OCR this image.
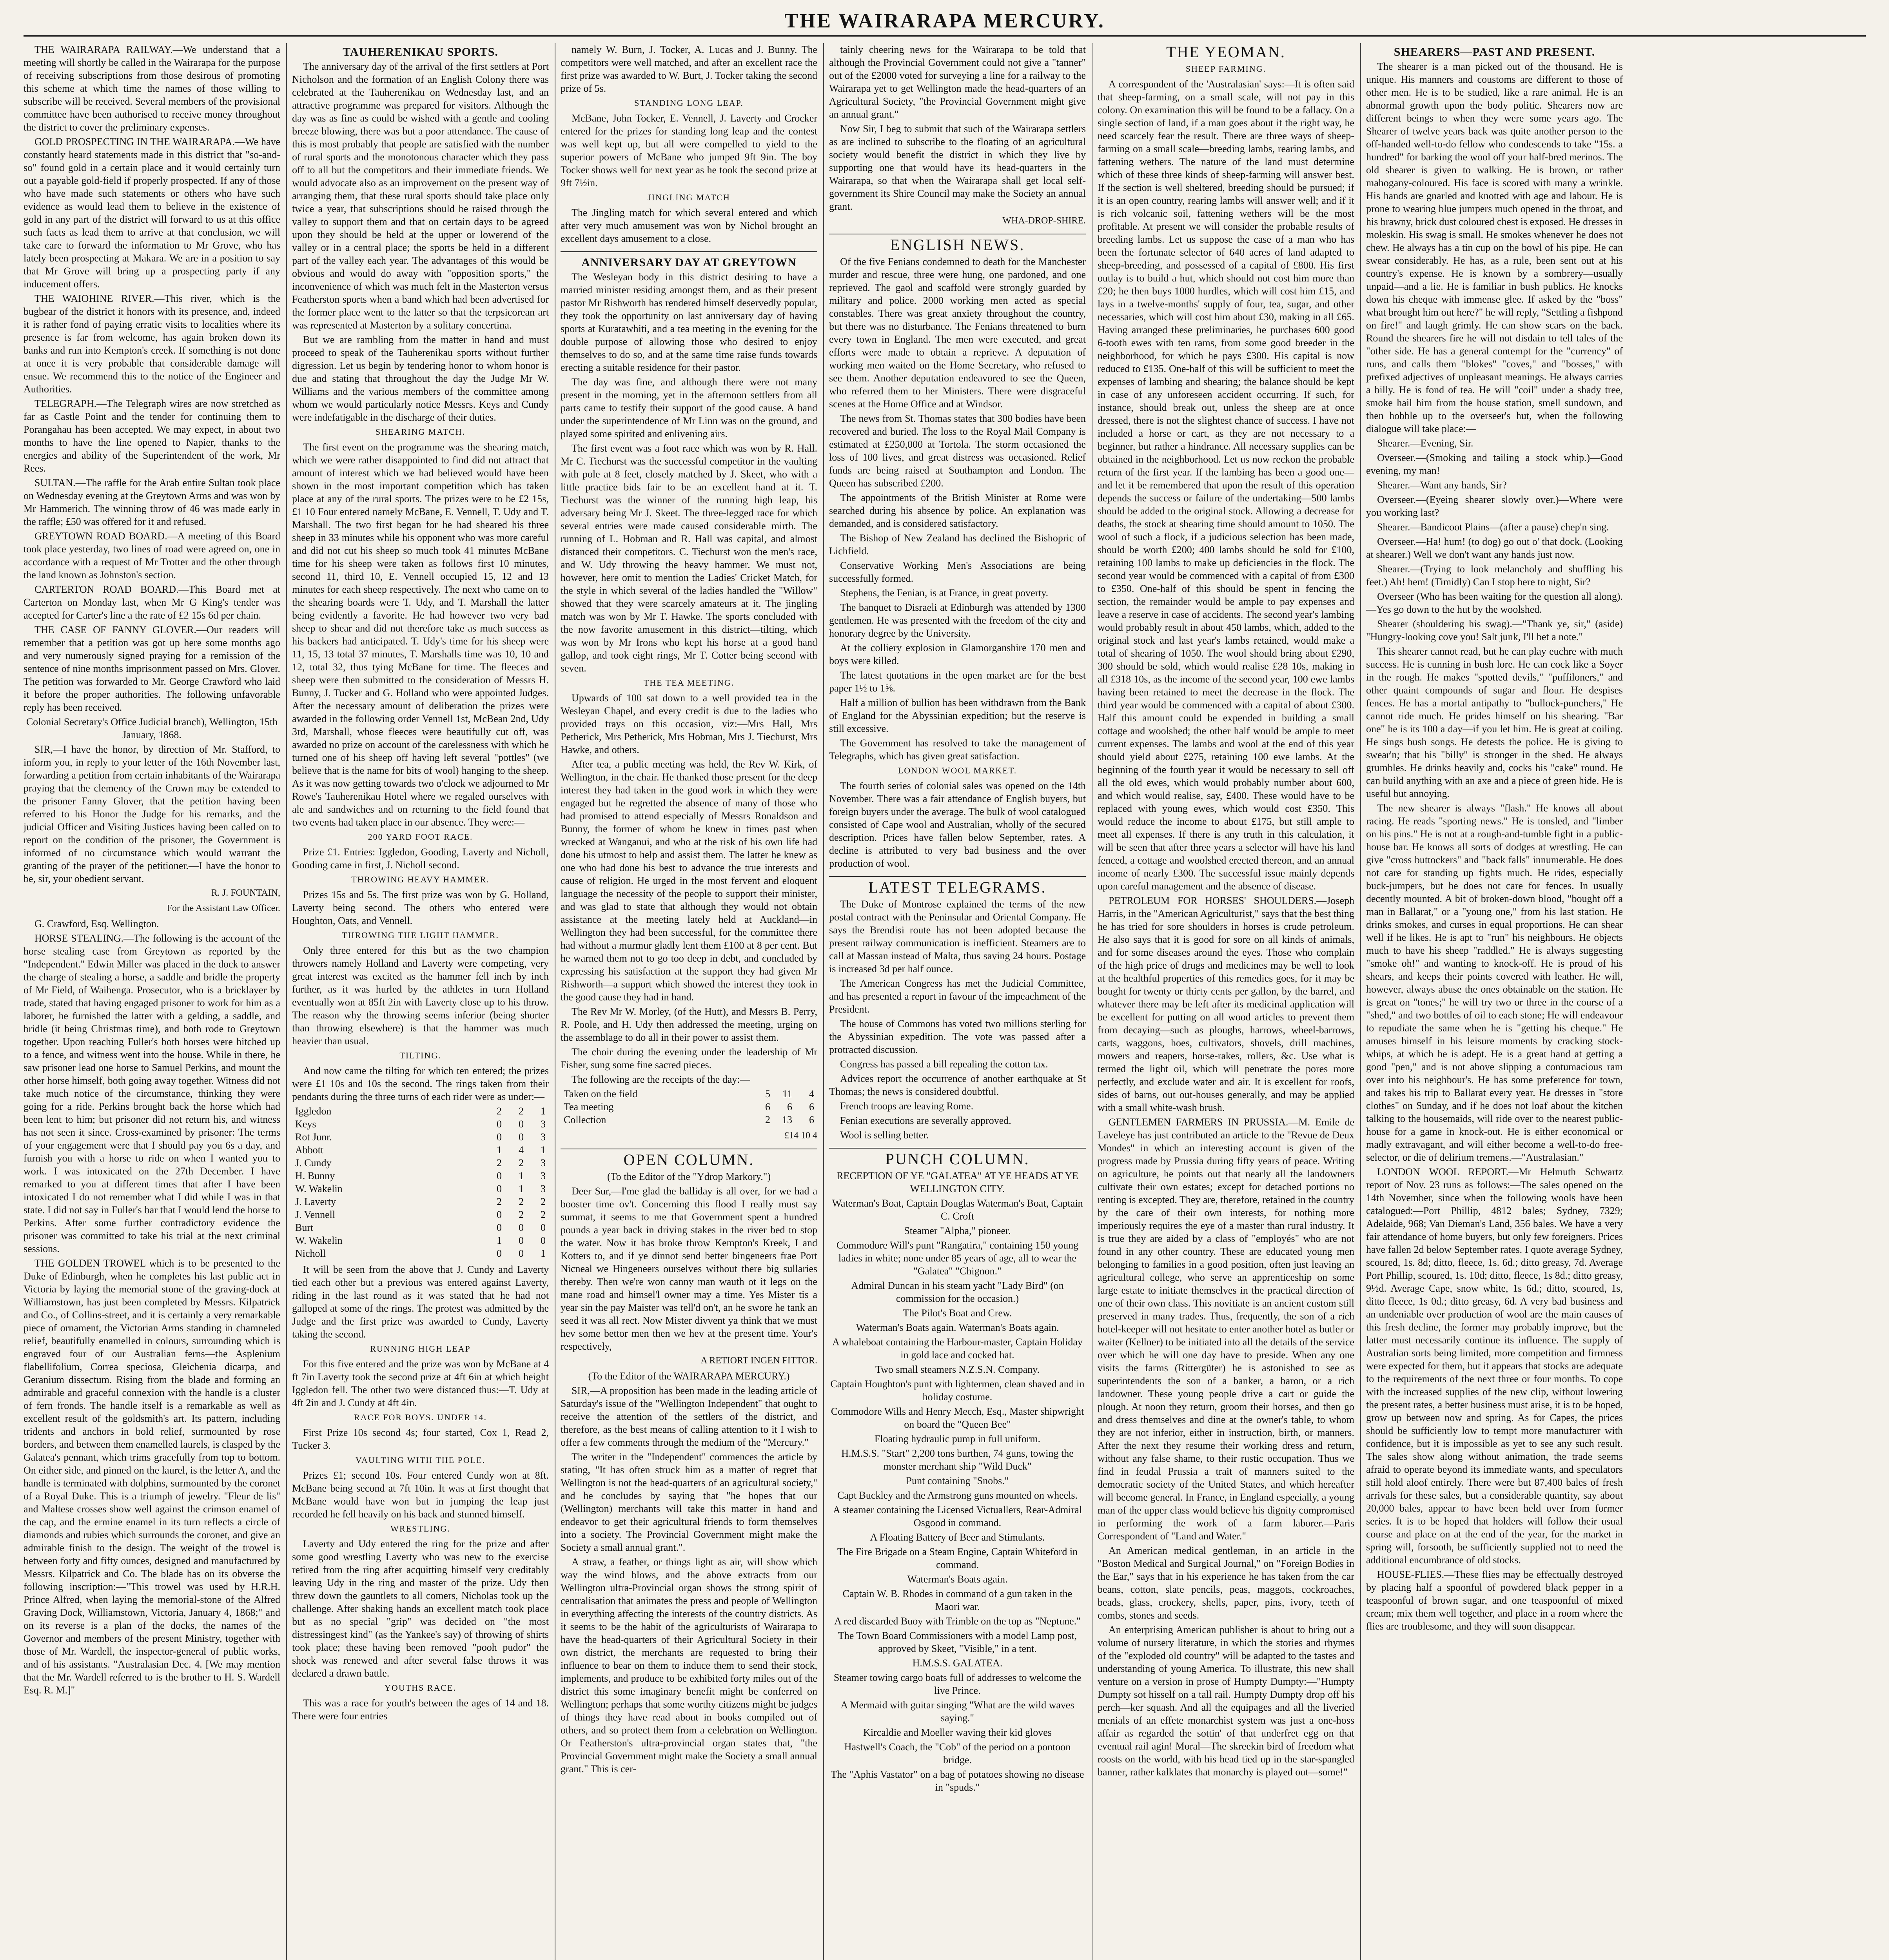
THE WAIRARAPA MERCURY.

THE WAIRARAPA RAILWAY.—We understand that a meeting will shortly be called in the Wairarapa for the purpose of receiving subscriptions from those desirous of promoting this scheme at which time the names of those willing to subscribe will be received. Several members of the provisional committee have been authorised to receive money throughout the district to cover the preliminary expenses.

GOLD PROSPECTING IN THE WAIRARAPA.—We have constantly heard statements made in this district that "so-and-so" found gold in a certain place and it would certainly turn out a payable gold-field if properly prospected. If any of those who have made such statements or others who have such evidence as would lead them to believe in the existence of gold in any part of the district will forward to us at this office such facts as lead them to arrive at that conclusion, we will take care to forward the information to Mr Grove, who has lately been prospecting at Makara. We are in a position to say that Mr Grove will bring up a prospecting party if any inducement offers.

THE WAIOHINE RIVER.—This river, which is the bugbear of the district it honors with its presence, and, indeed it is rather fond of paying erratic visits to localities where its presence is far from welcome, has again broken down its banks and run into Kempton's creek. If something is not done at once it is very probable that considerable damage will ensue. We recommend this to the notice of the Engineer and Authorities.

TELEGRAPH.—The Telegraph wires are now stretched as far as Castle Point and the tender for continuing them to Porangahau has been accepted. We may expect, in about two months to have the line opened to Napier, thanks to the energies and ability of the Superintendent of the work, Mr Rees.

SULTAN.—The raffle for the Arab entire Sultan took place on Wednesday evening at the Greytown Arms and was won by Mr Hammerich. The winning throw of 46 was made early in the raffle; £50 was offered for it and refused.

GREYTOWN ROAD BOARD.—A meeting of this Board took place yesterday, two lines of road were agreed on, one in accordance with a request of Mr Trotter and the other through the land known as Johnston's section.

CARTERTON ROAD BOARD.—This Board met at Carterton on Monday last, when Mr G King's tender was accepted for Carter's line a the rate of £2 15s 6d per chain.

THE CASE OF FANNY GLOVER.—Our readers will remember that a petition was got up here some months ago and very numerously signed praying for a remission of the sentence of nine months imprisonment passed on Mrs. Glover. The petition was forwarded to Mr. George Crawford who laid it before the proper authorities. The following unfavorable reply has been received.

Colonial Secretary's Office Judicial branch), Wellington, 15th January, 1868.

SIR,—I have the honor, by direction of Mr. Stafford, to inform you, in reply to your letter of the 16th November last, forwarding a petition from certain inhabitants of the Wairarapa praying that the clemency of the Crown may be extended to the prisoner Fanny Glover, that the petition having been referred to his Honor the Judge for his remarks, and the judicial Officer and Visiting Justices having been called on to report on the condition of the prisoner, the Government is informed of no circumstance which would warrant the granting of the prayer of the petitioner.—I have the honor to be, sir, your obedient servant.

R. J. FOUNTAIN,

For the Assistant Law Officer.

G. Crawford, Esq. Wellington.

HORSE STEALING.—The following is the account of the horse stealing case from Greytown as reported by the "Independent." Edwin Miller was placed in the dock to answer the charge of stealing a horse, a saddle and bridle the property of Mr Field, of Waihenga. Prosecutor, who is a bricklayer by trade, stated that having engaged prisoner to work for him as a laborer, he furnished the latter with a gelding, a saddle, and bridle (it being Christmas time), and both rode to Greytown together. Upon reaching Fuller's both horses were hitched up to a fence, and witness went into the house. While in there, he saw prisoner lead one horse to Samuel Perkins, and mount the other horse himself, both going away together. Witness did not take much notice of the circumstance, thinking they were going for a ride. Perkins brought back the horse which had been lent to him; but prisoner did not return his, and witness has not seen it since. Cross-examined by prisoner: The terms of your engagement were that I should pay you 6s a day, and furnish you with a horse to ride on when I wanted you to work. I was intoxicated on the 27th December. I have remarked to you at different times that after I have been intoxicated I do not remember what I did while I was in that state. I did not say in Fuller's bar that I would lend the horse to Perkins. After some further contradictory evidence the prisoner was committed to take his trial at the next criminal sessions.

THE GOLDEN TROWEL which is to be presented to the Duke of Edinburgh, when he completes his last public act in Victoria by laying the memorial stone of the graving-dock at Williamstown, has just been completed by Messrs. Kilpatrick and Co., of Collins-street, and it is certainly a very remarkable piece of ornament, the Victorian Arms standing in chamneled relief, beautifully enamelled in colours, surrounding which is engraved four of our Australian ferns—the Asplenium flabellifolium, Correa speciosa, Gleichenia dicarpa, and Geranium dissectum. Rising from the blade and forming an admirable and graceful connexion with the handle is a cluster of fern fronds. The handle itself is a remarkable as well as excellent result of the goldsmith's art. Its pattern, including tridents and anchors in bold relief, surmounted by rose borders, and between them enamelled laurels, is clasped by the Galatea's pennant, which trims gracefully from top to bottom. On either side, and pinned on the laurel, is the letter A, and the handle is terminated with dolphins, surmounted by the coronet of a Royal Duke. This is a triumph of jewelry. "Fleur de lis" and Maltese crosses show well against the crimson enamel of the cap, and the ermine enamel in its turn reflects a circle of diamonds and rubies which surrounds the coronet, and give an admirable finish to the design. The weight of the trowel is between forty and fifty ounces, designed and manufactured by Messrs. Kilpatrick and Co. The blade has on its obverse the following inscription:—"This trowel was used by H.R.H. Prince Alfred, when laying the memorial-stone of the Alfred Graving Dock, Williamstown, Victoria, January 4, 1868;" and on its reverse is a plan of the docks, the names of the Governor and members of the present Ministry, together with those of Mr. Wardell, the inspector-general of public works, and of his assistants. "Australasian Dec. 4. [We may mention that the Mr. Wardell referred to is the brother to H. S. Wardell Esq. R. M.]"

TAUHERENIKAU SPORTS.

The anniversary day of the arrival of the first settlers at Port Nicholson and the formation of an English Colony there was celebrated at the Tauherenikau on Wednesday last, and an attractive programme was prepared for visitors. Although the day was as fine as could be wished with a gentle and cooling breeze blowing, there was but a poor attendance. The cause of this is most probably that people are satisfied with the number of rural sports and the monotonous character which they pass off to all but the competitors and their immediate friends. We would advocate also as an improvement on the present way of arranging them, that these rural sports should take place only twice a year, that subscriptions should be raised through the valley to support them and that on certain days to be agreed upon they should be held at the upper or lowerend of the valley or in a central place; the sports be held in a different part of the valley each year. The advantages of this would be obvious and would do away with "opposition sports," the inconvenience of which was much felt in the Masterton versus Featherston sports when a band which had been advertised for the former place went to the latter so that the terpsicorean art was represented at Masterton by a solitary concertina.

But we are rambling from the matter in hand and must proceed to speak of the Tauherenikau sports without further digression. Let us begin by tendering honor to whom honor is due and stating that throughout the day the Judge Mr W. Williams and the various members of the committee among whom we would particularly notice Messrs. Keys and Cundy were indefatigable in the discharge of their duties.

SHEARING MATCH.

The first event on the programme was the shearing match, which we were rather disappointed to find did not attract that amount of interest which we had believed would have been shown in the most important competition which has taken place at any of the rural sports. The prizes were to be £2 15s, £1 10 Four entered namely McBane, E. Vennell, T. Udy and T. Marshall. The two first began for he had sheared his three sheep in 33 minutes while his opponent who was more careful and did not cut his sheep so much took 41 minutes McBane time for his sheep were taken as follows first 10 minutes, second 11, third 10, E. Vennell occupied 15, 12 and 13 minutes for each sheep respectively. The next who came on to the shearing boards were T. Udy, and T. Marshall the latter being evidently a favorite. He had however two very bad sheep to shear and did not therefore take as much success as his backers had anticipated. T. Udy's time for his sheep were 11, 15, 13 total 37 minutes, T. Marshalls time was 10, 10 and 12, total 32, thus tying McBane for time. The fleeces and sheep were then submitted to the consideration of Messrs H. Bunny, J. Tucker and G. Holland who were appointed Judges. After the necessary amount of deliberation the prizes were awarded in the following order Vennell 1st, McBean 2nd, Udy 3rd, Marshall, whose fleeces were beautifully cut off, was awarded no prize on account of the carelessness with which he turned one of his sheep off having left several "pottles" (we believe that is the name for bits of wool) hanging to the sheep. As it was now getting towards two o'clock we adjourned to Mr Rowe's Tauherenikau Hotel where we regaled ourselves with ale and sandwiches and on returning to the field found that two events had taken place in our absence. They were:—

200 YARD FOOT RACE.

Prize £1. Entries: Iggledon, Gooding, Laverty and Nicholl, Gooding came in first, J. Nicholl second.

THROWING HEAVY HAMMER.

Prizes 15s and 5s. The first prize was won by G. Holland, Laverty being second. The others who entered were Houghton, Oats, and Vennell.

THROWING THE LIGHT HAMMER.

Only three entered for this but as the two champion throwers namely Holland and Laverty were competing, very great interest was excited as the hammer fell inch by inch further, as it was hurled by the athletes in turn Holland eventually won at 85ft 2in with Laverty close up to his throw. The reason why the throwing seems inferior (being shorter than throwing elsewhere) is that the hammer was much heavier than usual.

TILTING.

And now came the tilting for which ten entered; the prizes were £1 10s and 10s the second. The rings taken from their pendants during the three turns of each rider were as under:—

Iggledon	2	2	1
Keys	0	0	3
Rot Junr.	0	0	3
Abbott	1	4	1
J. Cundy	2	2	3
H. Bunny	0	1	3
W. Wakelin	0	1	3
J. Laverty	2	2	2
J. Vennell	0	2	2
Burt	0	0	0
W. Wakelin	1	0	0
Nicholl	0	0	1

It will be seen from the above that J. Cundy and Laverty tied each other but a previous was entered against Laverty, riding in the last round as it was stated that he had not galloped at some of the rings. The protest was admitted by the Judge and the first prize was awarded to Cundy, Laverty taking the second.

RUNNING HIGH LEAP

For this five entered and the prize was won by McBane at 4 ft 7in Laverty took the second prize at 4ft 6in at which height Iggledon fell. The other two were distanced thus:—T. Udy at 4ft 2in and J. Cundy at 4ft 4in.

RACE FOR BOYS. UNDER 14.

First Prize 10s second 4s; four started, Cox 1, Read 2, Tucker 3.

VAULTING WITH THE POLE.

Prizes £1; second 10s. Four entered Cundy won at 8ft. McBane being second at 7ft 10in. It was at first thought that McBane would have won but in jumping the leap just recorded he fell heavily on his back and stunned himself.

WRESTLING.

Laverty and Udy entered the ring for the prize and after some good wrestling Laverty who was new to the exercise retired from the ring after acquitting himself very creditably leaving Udy in the ring and master of the prize. Udy then threw down the gauntlets to all comers, Nicholas took up the challenge. After shaking hands an excellent match took place but as no special "grip" was decided on "the most distressingest kind" (as the Yankee's say) of throwing of shirts took place; these having been removed "pooh pudor" the shock was renewed and after several false throws it was declared a drawn battle.

YOUTHS RACE.

This was a race for youth's between the ages of 14 and 18. There were four entries

namely W. Burn, J. Tocker, A. Lucas and J. Bunny. The competitors were well matched, and after an excellent race the first prize was awarded to W. Burt, J. Tocker taking the second prize of 5s.

STANDING LONG LEAP.

McBane, John Tocker, E. Vennell, J. Laverty and Crocker entered for the prizes for standing long leap and the contest was well kept up, but all were compelled to yield to the superior powers of McBane who jumped 9ft 9in. The boy Tocker shows well for next year as he took the second prize at 9ft 7½in.

JINGLING MATCH

The Jingling match for which several entered and which after very much amusement was won by Nichol brought an excellent days amusement to a close.

ANNIVERSARY DAY AT GREYTOWN

The Wesleyan body in this district desiring to have a married minister residing amongst them, and as their present pastor Mr Rishworth has rendered himself deservedly popular, they took the opportunity on last anniversary day of having sports at Kuratawhiti, and a tea meeting in the evening for the double purpose of allowing those who desired to enjoy themselves to do so, and at the same time raise funds towards erecting a suitable residence for their pastor.

The day was fine, and although there were not many present in the morning, yet in the afternoon settlers from all parts came to testify their support of the good cause. A band under the superintendence of Mr Linn was on the ground, and played some spirited and enlivening airs.

The first event was a foot race which was won by R. Hall. Mr C. Tiechurst was the successful competitor in the vaulting with pole at 8 feet, closely matched by J. Skeet, who with a little practice bids fair to be an excellent hand at it. T. Tiechurst was the winner of the running high leap, his adversary being Mr J. Skeet. The three-legged race for which several entries were made caused considerable mirth. The running of L. Hobman and R. Hall was capital, and almost distanced their competitors. C. Tiechurst won the men's race, and W. Udy throwing the heavy hammer. We must not, however, here omit to mention the Ladies' Cricket Match, for the style in which several of the ladies handled the "Willow" showed that they were scarcely amateurs at it. The jingling match was won by Mr T. Hawke. The sports concluded with the now favorite amusement in this district—tilting, which was won by Mr Irons who kept his horse at a good hand gallop, and took eight rings, Mr T. Cotter being second with seven.

THE TEA MEETING.

Upwards of 100 sat down to a well provided tea in the Wesleyan Chapel, and every credit is due to the ladies who provided trays on this occasion, viz:—Mrs Hall, Mrs Petherick, Mrs Petherick, Mrs Hobman, Mrs J. Tiechurst, Mrs Hawke, and others.

After tea, a public meeting was held, the Rev W. Kirk, of Wellington, in the chair. He thanked those present for the deep interest they had taken in the good work in which they were engaged but he regretted the absence of many of those who had promised to attend especially of Messrs Ronaldson and Bunny, the former of whom he knew in times past when wrecked at Wanganui, and who at the risk of his own life had done his utmost to help and assist them. The latter he knew as one who had done his best to advance the true interests and cause of religion. He urged in the most fervent and eloquent language the necessity of the people to support their minister, and was glad to state that although they would not obtain assistance at the meeting lately held at Auckland—in Wellington they had been successful, for the committee there had without a murmur gladly lent them £100 at 8 per cent. But he warned them not to go too deep in debt, and concluded by expressing his satisfaction at the support they had given Mr Rishworth—a support which showed the interest they took in the good cause they had in hand.

The Rev Mr W. Morley, (of the Hutt), and Messrs B. Perry, R. Poole, and H. Udy then addressed the meeting, urging on the assemblage to do all in their power to assist them.

The choir during the evening under the leadership of Mr Fisher, sung some fine sacred pieces.

The following are the receipts of the day:—

Taken on the field	5	11	4
Tea meeting	6	6	6
Collection	2	13	6

£14 10 4

OPEN COLUMN.

(To the Editor of the "Ydrop Markory.")

Deer Sur,—I'me glad the balliday is all over, for we had a booster time ov't. Concerning this flood I really must say summat, it seems to me that Government spent a hundred pounds a year back in driving stakes in the river bed to stop the water. Now it has broke throw Kempton's Kreek, I and Kotters to, and if ye dinnot send better bingeneers frae Port Nicneal we Hingeneers ourselves without there big sullaries thereby. Then we're won canny man wauth ot it legs on the mane road and himsel'l owner may a time. Yes Mister tis a year sin the pay Maister was tell'd on't, an he swore he tank an seed it was all rect. Now Mister divvent ya think that we must hev some bettor men then we hev at the present time. Your's respectively,

A RETIORT INGEN FITTOR.

(To the Editor of the WAIRARAPA MERCURY.)

SIR,—A proposition has been made in the leading article of Saturday's issue of the "Wellington Independent" that ought to receive the attention of the settlers of the district, and therefore, as the best means of calling attention to it I wish to offer a few comments through the medium of the "Mercury."

The writer in the "Independent" commences the article by stating, "It has often struck him as a matter of regret that Wellington is not the head-quarters of an agricultural society," and he concludes by saying that "he hopes that our (Wellington) merchants will take this matter in hand and endeavor to get their agricultural friends to form themselves into a society. The Provincial Government might make the Society a small annual grant.".

A straw, a feather, or things light as air, will show which way the wind blows, and the above extracts from our Wellington ultra-Provincial organ shows the strong spirit of centralisation that animates the press and people of Wellington in everything affecting the interests of the country districts. As it seems to be the habit of the agriculturists of Wairarapa to have the head-quarters of their Agricultural Society in their own district, the merchants are requested to bring their influence to bear on them to induce them to send their stock, implements, and produce to be exhibited forty miles out of the district this some imaginary benefit might be conferred on Wellington; perhaps that some worthy citizens might be judges of things they have read about in books compiled out of others, and so protect them from a celebration on Wellington. Or Featherston's ultra-provincial organ states that, "the Provincial Government might make the Society a small annual grant." This is cer-

tainly cheering news for the Wairarapa to be told that although the Provincial Government could not give a "tanner" out of the £2000 voted for surveying a line for a railway to the Wairarapa yet to get Wellington made the head-quarters of an Agricultural Society, "the Provincial Government might give an annual grant."

Now Sir, I beg to submit that such of the Wairarapa settlers as are inclined to subscribe to the floating of an agricultural society would benefit the district in which they live by supporting one that would have its head-quarters in the Wairarapa, so that when the Wairarapa shall get local self-government its Shire Council may make the Society an annual grant.

WHA-DROP-SHIRE.

ENGLISH NEWS.

Of the five Fenians condemned to death for the Manchester murder and rescue, three were hung, one pardoned, and one reprieved. The gaol and scaffold were strongly guarded by military and police. 2000 working men acted as special constables. There was great anxiety throughout the country, but there was no disturbance. The Fenians threatened to burn every town in England. The men were executed, and great efforts were made to obtain a reprieve. A deputation of working men waited on the Home Secretary, who refused to see them. Another deputation endeavored to see the Queen, who referred them to her Ministers. There were disgraceful scenes at the Home Office and at Windsor.

The news from St. Thomas states that 300 bodies have been recovered and buried. The loss to the Royal Mail Company is estimated at £250,000 at Tortola. The storm occasioned the loss of 100 lives, and great distress was occasioned. Relief funds are being raised at Southampton and London. The Queen has subscribed £200.

The appointments of the British Minister at Rome were searched during his absence by police. An explanation was demanded, and is considered satisfactory.

The Bishop of New Zealand has declined the Bishopric of Lichfield.

Conservative Working Men's Associations are being successfully formed.

Stephens, the Fenian, is at France, in great poverty.

The banquet to Disraeli at Edinburgh was attended by 1300 gentlemen. He was presented with the freedom of the city and honorary degree by the University.

At the colliery explosion in Glamorganshire 170 men and boys were killed.

The latest quotations in the open market are for the best paper 1½ to 1⅝.

Half a million of bullion has been withdrawn from the Bank of England for the Abyssinian expedition; but the reserve is still excessive.

The Government has resolved to take the management of Telegraphs, which has given great satisfaction.

LONDON WOOL MARKET.

The fourth series of colonial sales was opened on the 14th November. There was a fair attendance of English buyers, but foreign buyers under the average. The bulk of wool catalogued consisted of Cape wool and Australian, wholly of the secured description. Prices have fallen below September, rates. A decline is attributed to very bad business and the over production of wool.

LATEST TELEGRAMS.

The Duke of Montrose explained the terms of the new postal contract with the Peninsular and Oriental Company. He says the Brendisi route has not been adopted because the present railway communication is inefficient. Steamers are to call at Massan instead of Malta, thus saving 24 hours. Postage is increased 3d per half ounce.

The American Congress has met the Judicial Committee, and has presented a report in favour of the impeachment of the President.

The house of Commons has voted two millions sterling for the Abyssinian expedition. The vote was passed after a protracted discussion.

Congress has passed a bill repealing the cotton tax.

Advices report the occurrence of another earthquake at St Thomas; the news is considered doubtful.

French troops are leaving Rome.

Fenian executions are severally approved.

Wool is selling better.

PUNCH COLUMN.

RECEPTION OF YE "GALATEA" AT YE HEADS AT YE WELLINGTON CITY.

Waterman's Boat, Captain Douglas Waterman's Boat, Captain C. Croft

Steamer "Alpha," pioneer.

Commodore Will's punt "Rangatira," containing 150 young ladies in white; none under 85 years of age, all to wear the "Galatea" "Chignon."

Admiral Duncan in his steam yacht "Lady Bird" (on commission for the occasion.)

The Pilot's Boat and Crew.

Waterman's Boats again. Waterman's Boats again.

A whaleboat containing the Harbour-master, Captain Holiday in gold lace and cocked hat.

Two small steamers N.Z.S.N. Company.

Captain Houghton's punt with lightermen, clean shaved and in holiday costume.

Commodore Wills and Henry Mecch, Esq., Master shipwright on board the "Queen Bee"

Floating hydraulic pump in full uniform.

H.M.S.S. "Start" 2,200 tons burthen, 74 guns, towing the monster merchant ship "Wild Duck"

Punt containing "Snobs."

Capt Buckley and the Armstrong guns mounted on wheels.

A steamer containing the Licensed Victuallers, Rear-Admiral Osgood in command.

A Floating Battery of Beer and Stimulants.

The Fire Brigade on a Steam Engine, Captain Whiteford in command.

Waterman's Boats again.

Captain W. B. Rhodes in command of a gun taken in the Maori war.

A red discarded Buoy with Trimble on the top as "Neptune."

The Town Board Commissioners with a model Lamp post, approved by Skeet, "Visible," in a tent.

H.M.S.S. GALATEA.

Steamer towing cargo boats full of addresses to welcome the live Prince.

A Mermaid with guitar singing "What are the wild waves saying."

Kircaldie and Moeller waving their kid gloves

Hastwell's Coach, the "Cob" of the period on a pontoon bridge.

The "Aphis Vastator" on a bag of potatoes showing no disease in "spuds."

THE YEOMAN.
SHEEP FARMING.

A correspondent of the 'Australasian' says:—It is often said that sheep-farming, on a small scale, will not pay in this colony. On examination this will be found to be a fallacy. On a single section of land, if a man goes about it the right way, he need scarcely fear the result. There are three ways of sheep-farming on a small scale—breeding lambs, rearing lambs, and fattening wethers. The nature of the land must determine which of these three kinds of sheep-farming will answer best. If the section is well sheltered, breeding should be pursued; if it is an open country, rearing lambs will answer well; and if it is rich volcanic soil, fattening wethers will be the most profitable. At present we will consider the probable results of breeding lambs. Let us suppose the case of a man who has been the fortunate selector of 640 acres of land adapted to sheep-breeding, and possessed of a capital of £800. His first outlay is to build a hut, which should not cost him more than £20; he then buys 1000 hurdles, which will cost him £15, and lays in a twelve-months' supply of four, tea, sugar, and other necessaries, which will cost him about £30, making in all £65. Having arranged these preliminaries, he purchases 600 good 6-tooth ewes with ten rams, from some good breeder in the neighborhood, for which he pays £300. His capital is now reduced to £135. One-half of this will be sufficient to meet the expenses of lambing and shearing; the balance should be kept in case of any unforeseen accident occurring. If such, for instance, should break out, unless the sheep are at once dressed, there is not the slightest chance of success. I have not included a horse or cart, as they are not necessary to a beginner, but rather a hindrance. All necessary supplies can be obtained in the neighborhood. Let us now reckon the probable return of the first year. If the lambing has been a good one—and let it be remembered that upon the result of this operation depends the success or failure of the undertaking—500 lambs should be added to the original stock. Allowing a decrease for deaths, the stock at shearing time should amount to 1050. The wool of such a flock, if a judicious selection has been made, should be worth £200; 400 lambs should be sold for £100, retaining 100 lambs to make up deficiencies in the flock. The second year would be commenced with a capital of from £300 to £350. One-half of this should be spent in fencing the section, the remainder would be ample to pay expenses and leave a reserve in case of accidents. The second year's lambing would probably result in about 450 lambs, which, added to the original stock and last year's lambs retained, would make a total of shearing of 1050. The wool should bring about £290, 300 should be sold, which would realise £28 10s, making in all £318 10s, as the income of the second year, 100 ewe lambs having been retained to meet the decrease in the flock. The third year would be commenced with a capital of about £300. Half this amount could be expended in building a small cottage and woolshed; the other half would be ample to meet current expenses. The lambs and wool at the end of this year should yield about £275, retaining 100 ewe lambs. At the beginning of the fourth year it would be necessary to sell off all the old ewes, which would probably number about 600, and which would realise, say, £400. These would have to be replaced with young ewes, which would cost £350. This would reduce the income to about £175, but still ample to meet all expenses. If there is any truth in this calculation, it will be seen that after three years a selector will have his land fenced, a cottage and woolshed erected thereon, and an annual income of nearly £300. The successful issue mainly depends upon careful management and the absence of disease.

PETROLEUM FOR HORSES' SHOULDERS.—Joseph Harris, in the "American Agriculturist," says that the best thing he has tried for sore shoulders in horses is crude petroleum. He also says that it is good for sore on all kinds of animals, and for some diseases around the eyes. Those who complain of the high price of drugs and medicines may be well to look at the healthful properties of this remedies goes, for it may be bought for twenty or thirty cents per gallon, by the barrel, and whatever there may be left after its medicinal application will be excellent for putting on all wood articles to prevent them from decaying—such as ploughs, harrows, wheel-barrows, carts, waggons, hoes, cultivators, shovels, drill machines, mowers and reapers, horse-rakes, rollers, &c. Use what is termed the light oil, which will penetrate the pores more perfectly, and exclude water and air. It is excellent for roofs, sides of barns, out out-houses generally, and may be applied with a small white-wash brush.

GENTLEMEN FARMERS IN PRUSSIA.—M. Emile de Laveleye has just contributed an article to the "Revue de Deux Mondes" in which an interesting account is given of the progress made by Prussia during fifty years of peace. Writing on agriculture, he points out that nearly all the landowners cultivate their own estates; except for detached portions no renting is excepted. They are, therefore, retained in the country by the care of their own interests, for nothing more imperiously requires the eye of a master than rural industry. It is true they are aided by a class of "employés" who are not found in any other country. These are educated young men belonging to families in a good position, often just leaving an agricultural college, who serve an apprenticeship on some large estate to initiate themselves in the practical direction of one of their own class. This novitiate is an ancient custom still preserved in many trades. Thus, frequently, the son of a rich hotel-keeper will not hesitate to enter another hotel as butler or waiter (Kellner) to be initiated into all the details of the service over which he will one day have to preside. When any one visits the farms (Rittergüter) he is astonished to see as superintendents the son of a banker, a baron, or a rich landowner. These young people drive a cart or guide the plough. At noon they return, groom their horses, and then go and dress themselves and dine at the owner's table, to whom they are not inferior, either in instruction, birth, or manners. After the next they resume their working dress and return, without any false shame, to their rustic occupation. Thus we find in feudal Prussia a trait of manners suited to the democratic society of the United States, and which hereafter will become general. In France, in England especially, a young man of the upper class would believe his dignity compromised in performing the work of a farm laborer.—Paris Correspondent of "Land and Water."

An American medical gentleman, in an article in the "Boston Medical and Surgical Journal," on "Foreign Bodies in the Ear," says that in his experience he has taken from the car beans, cotton, slate pencils, peas, maggots, cockroaches, beads, glass, crockery, shells, paper, pins, ivory, teeth of combs, stones and seeds.

An enterprising American publisher is about to bring out a volume of nursery literature, in which the stories and rhymes of the "exploded old country" will be adapted to the tastes and understanding of young America. To illustrate, this new shall venture on a version in prose of Humpty Dumpty:—"Humpty Dumpty sot hisself on a tall rail. Humpty Dumpty drop off his perch—ker squash. And all the equipages and all the liveried menials of an effete monarchist system was just a one-hoss affair as regarded the sottin' of that underfret egg on that eventual rail agin! Moral—The skreekin bird of freedom what roosts on the world, with his head tied up in the star-spangled banner, rather kalklates that monarchy is played out—some!"

SHEARERS—PAST AND PRESENT.

The shearer is a man picked out of the thousand. He is unique. His manners and coustoms are different to those of other men. He is to be studied, like a rare animal. He is an abnormal growth upon the body politic. Shearers now are different beings to when they were some years ago. The Shearer of twelve years back was quite another person to the off-handed well-to-do fellow who condescends to take "15s. a hundred" for barking the wool off your half-bred merinos. The old shearer is given to walking. He is brown, or rather mahogany-coloured. His face is scored with many a wrinkle. His hands are gnarled and knotted with age and labour. He is prone to wearing blue jumpers much opened in the throat, and his brawny, brick dust coloured chest is exposed. He dresses in moleskin. His swag is small. He smokes whenever he does not chew. He always has a tin cup on the bowl of his pipe. He can swear considerably. He has, as a rule, been sent out at his country's expense. He is known by a sombrery—usually unpaid—and a lie. He is familiar in bush publics. He knocks down his cheque with immense glee. If asked by the "boss" what brought him out here?" he will reply, "Settling a fishpond on fire!" and laugh grimly. He can show scars on the back. Round the shearers fire he will not disdain to tell tales of the "other side. He has a general contempt for the "currency" of runs, and calls them "blokes" "coves," and "bosses," with prefixed adjectives of unpleasant meanings. He always carries a billy. He is fond of tea. He will "coil" under a shady tree, smoke hail him from the house station, smell sundown, and then hobble up to the overseer's hut, when the following dialogue will take place:—

Shearer.—Evening, Sir.

Overseer.—(Smoking and tailing a stock whip.)—Good evening, my man!

Shearer.—Want any hands, Sir?

Overseer.—(Eyeing shearer slowly over.)—Where were you working last?

Shearer.—Bandicoot Plains—(after a pause) chep'n sing.

Overseer.—Ha! hum! (to dog) go out o' that dock. (Looking at shearer.) Well we don't want any hands just now.

Shearer.—(Trying to look melancholy and shuffling his feet.) Ah! hem! (Timidly) Can I stop here to night, Sir?

Overseer (Who has been waiting for the question all along).—Yes go down to the hut by the woolshed.

Shearer (shouldering his swag).—"Thank ye, sir," (aside) "Hungry-looking cove you! Salt junk, I'll bet a note."

This shearer cannot read, but he can play euchre with much success. He is cunning in bush lore. He can cock like a Soyer in the rough. He makes "spotted devils," "puffiloners," and other quaint compounds of sugar and flour. He despises fences. He has a mortal antipathy to "bullock-punchers," He cannot ride much. He prides himself on his shearing. "Bar one" he is its 100 a day—if you let him. He is great at coiling. He sings bush songs. He detests the police. He is giving to swear'n; that his "billy" is stronger in the shed. He always grumbles. He drinks heavily and, cocks his "cake" round. He can build anything with an axe and a piece of green hide. He is useful but annoying.

The new shearer is always "flash." He knows all about racing. He reads "sporting news." He is tonsled, and "limber on his pins." He is not at a rough-and-tumble fight in a public-house bar. He knows all sorts of dodges at wrestling. He can give "cross buttockers" and "back falls" innumerable. He does not care for standing up fights much. He rides, especially buck-jumpers, but he does not care for fences. In usually decently mounted. A bit of broken-down blood, "bought off a man in Ballarat," or a "young one," from his last station. He drinks smokes, and curses in equal proportions. He can shear well if he likes. He is apt to "run" his neighbours. He objects much to have his sheep "raddled." He is always suggesting "smoke oh!" and wanting to knock-off. He is proud of his shears, and keeps their points covered with leather. He will, however, always abuse the ones obtainable on the station. He is great on "tones;" he will try two or three in the course of a "shed," and two bottles of oil to each stone; He will endeavour to repudiate the same when he is "getting his cheque." He amuses himself in his leisure moments by cracking stock-whips, at which he is adept. He is a great hand at getting a good "pen," and is not above slipping a contumacious ram over into his neighbour's. He has some preference for town, and takes his trip to Ballarat every year. He dresses in "store clothes" on Sunday, and if he does not loaf about the kitchen talking to the housemaids, will ride over to the nearest public-house for a game in knock-out. He is either economical or madly extravagant, and will either become a well-to-do free-selector, or die of delirium tremens.—"Australasian."

LONDON WOOL REPORT.—Mr Helmuth Schwartz report of Nov. 23 runs as follows:—The sales opened on the 14th November, since when the following wools have been catalogued:—Port Phillip, 4812 bales; Sydney, 7329; Adelaide, 968; Van Dieman's Land, 356 bales. We have a very fair attendance of home buyers, but only few foreigners. Prices have fallen 2d below September rates. I quote average Sydney, scoured, 1s. 8d; ditto, fleece, 1s. 6d.; ditto greasy, 7d. Average Port Phillip, scoured, 1s. 10d; ditto, fleece, 1s 8d.; ditto greasy, 9½d. Average Cape, snow white, 1s 6d.; ditto, scoured, 1s, ditto fleece, 1s 0d.; ditto greasy, 6d. A very bad business and an undeniable over production of wool are the main causes of this fresh decline, the former may probably improve, but the latter must necessarily continue its influence. The supply of Australian sorts being limited, more competition and firmness were expected for them, but it appears that stocks are adequate to the requirements of the next three or four months. To cope with the increased supplies of the new clip, without lowering the present rates, a better business must arise, it is to be hoped, grow up between now and spring. As for Capes, the prices should be sufficiently low to tempt more manufacturer with confidence, but it is impossible as yet to see any such result. The sales show along without animation, the trade seems afraid to operate beyond its immediate wants, and speculators still hold aloof entirely. There were but 87,400 bales of fresh arrivals for these sales, but a considerable quantity, say about 20,000 bales, appear to have been held over from former series. It is to be hoped that holders will follow their usual course and place on at the end of the year, for the market in spring will, forsooth, be sufficiently supplied not to need the additional encumbrance of old stocks.

HOUSE-FLIES.—These flies may be effectually destroyed by placing half a spoonful of powdered black pepper in a teaspoonful of brown sugar, and one teaspoonful of mixed cream; mix them well together, and place in a room where the flies are troublesome, and they will soon disappear.
